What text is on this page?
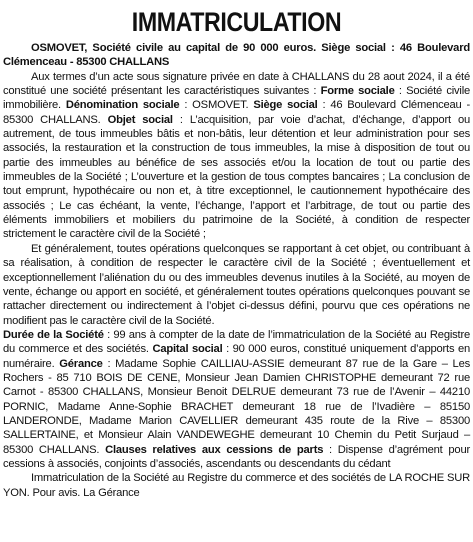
IMMATRICULATION

OSMOVET, Société civile au capital de 90 000 euros. Siège social : 46 Boulevard Clémenceau - 85300 CHALLANS

Aux termes d’un acte sous signature privée en date à CHALLANS du 28 aout 2024, il a été constitué une société présentant les caractéristiques suivantes : Forme sociale : Société civile immobilière. Dénomination sociale : OSMOVET. Siège social : 46 Boulevard Clémenceau - 85300 CHALLANS. Objet social : L’acquisition, par voie d’achat, d’échange, d’apport ou autrement, de tous immeubles bâtis et non-bâtis, leur détention et leur administration pour ses associés, la restauration et la construction de tous immeubles, la mise à disposition de tout ou partie des immeubles au bénéfice de ses associés et/ou la location de tout ou partie des immeubles de la Société ; L’ouverture et la gestion de tous comptes bancaires ; La conclusion de tout emprunt, hypothécaire ou non et, à titre exceptionnel, le cautionnement hypothécaire des associés ; Le cas échéant, la vente, l’échange, l’apport et l’arbitrage, de tout ou partie des éléments immobiliers et mobiliers du patrimoine de la Société, à condition de respecter strictement le caractère civil de la Société ;

Et généralement, toutes opérations quelconques se rapportant à cet objet, ou contribuant à sa réalisation, à condition de respecter le caractère civil de la Société ; éventuellement et exceptionnellement l’aliénation du ou des immeubles devenus inutiles à la Société, au moyen de vente, échange ou apport en société, et généralement toutes opérations quelconques pouvant se rattacher directement ou indirectement à l’objet ci-dessus défini, pourvu que ces opérations ne modifient pas le caractère civil de la Société.

Durée de la Société : 99 ans à compter de la date de l’immatriculation de la Société au Registre du commerce et des sociétés. Capital social : 90 000 euros, constitué uniquement d’apports en numéraire. Gérance : Madame Sophie CAILLIAU-ASSIE demeurant 87 rue de la Gare – Les Rochers - 85 710 BOIS DE CENE, Monsieur Jean Damien CHRISTOPHE demeurant 72 rue Carnot - 85300 CHALLANS, Monsieur Benoit DELRUE demeurant 73 rue de l’Avenir – 44210 PORNIC, Madame Anne-Sophie BRACHET demeurant 18 rue de l’Ivadière – 85150 LANDERONDE, Madame Marion CAVELLIER demeurant 435 route de la Rive – 85300 SALLERTAINE, et Monsieur Alain VANDEWEGHE demeurant 10 Chemin du Petit Surjaud – 85300 CHALLANS. Clauses relatives aux cessions de parts : Dispense d’agrément pour cessions à associés, conjoints d’associés, ascendants ou descendants du cédant

Immatriculation de la Société au Registre du commerce et des sociétés de LA ROCHE SUR YON. Pour avis. La Gérance
